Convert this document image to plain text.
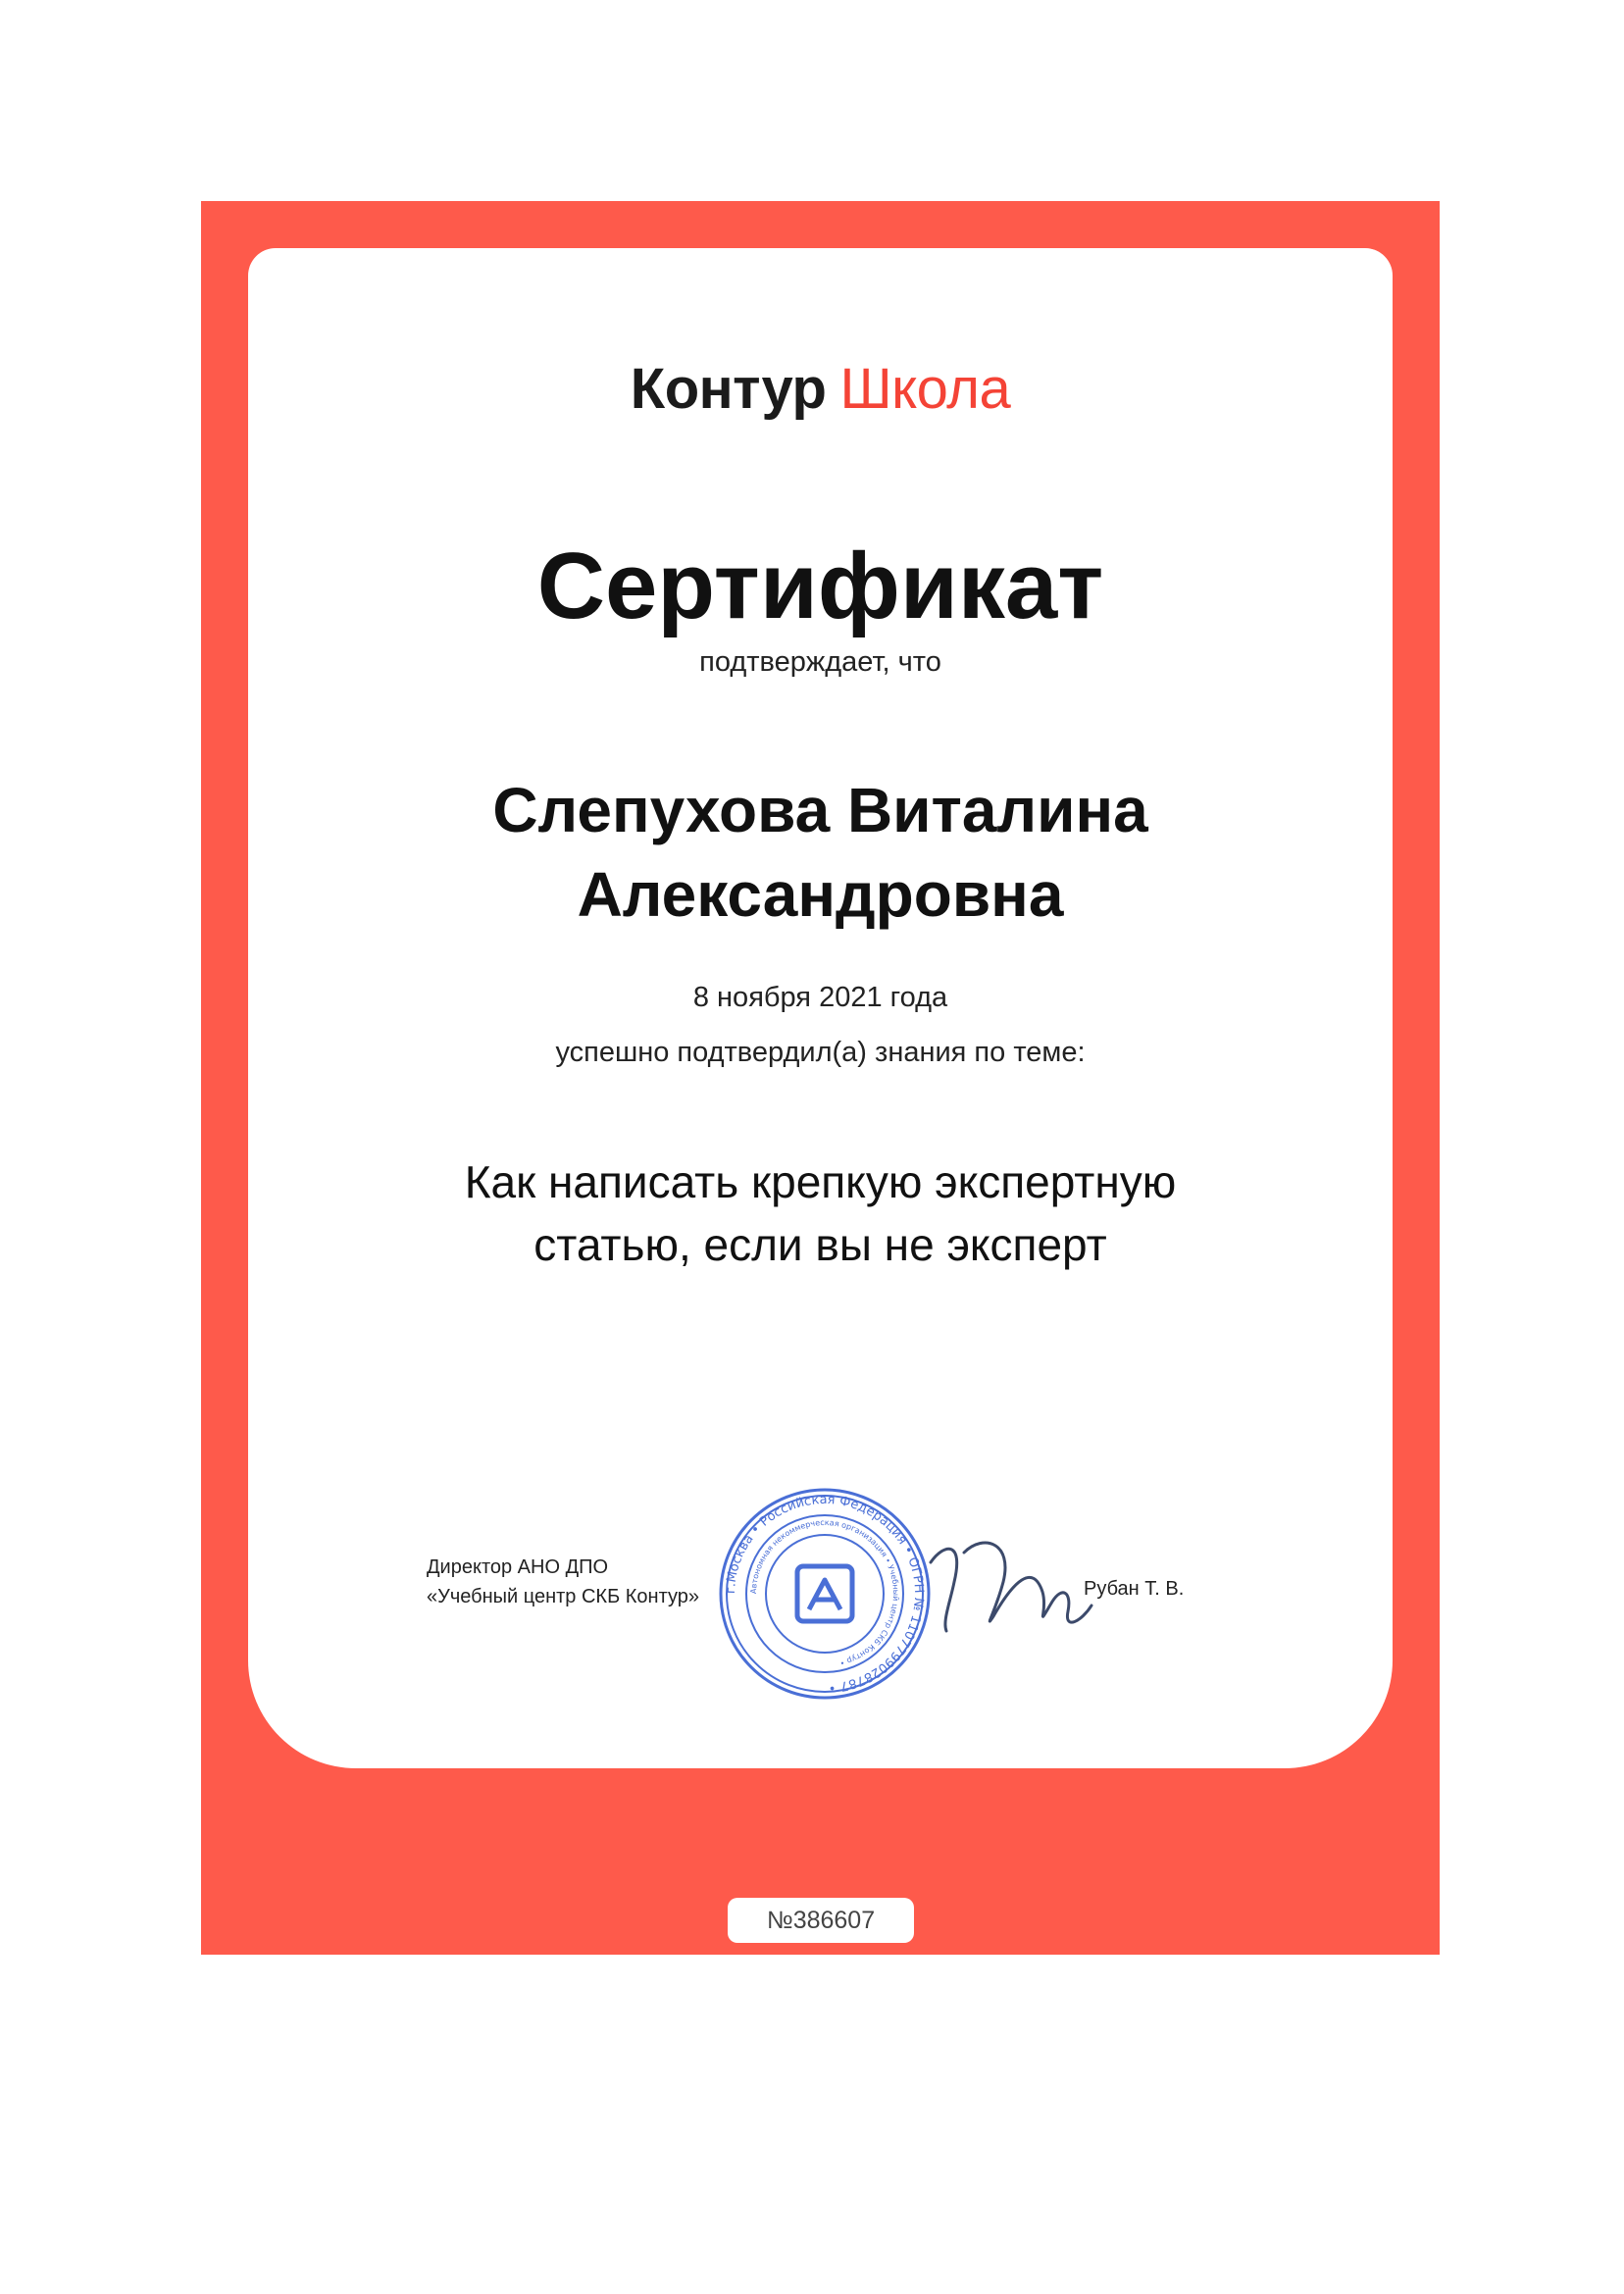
Контур Школа
Сертификат
подтверждает, что
Слепухова Виталина
Александровна
8 ноября 2021 года
успешно подтвердил(а) знания по теме:
Как написать крепкую экспертную
статью, если вы не эксперт
Директор АНО ДПО
«Учебный центр СКБ Контур» г.Москва • Российская Федерация • ОГРН № 1107799028787 •
Автономная некоммерческая организация • Учебный центр СКБ Контур •
Рубан Т. В.
№386607
